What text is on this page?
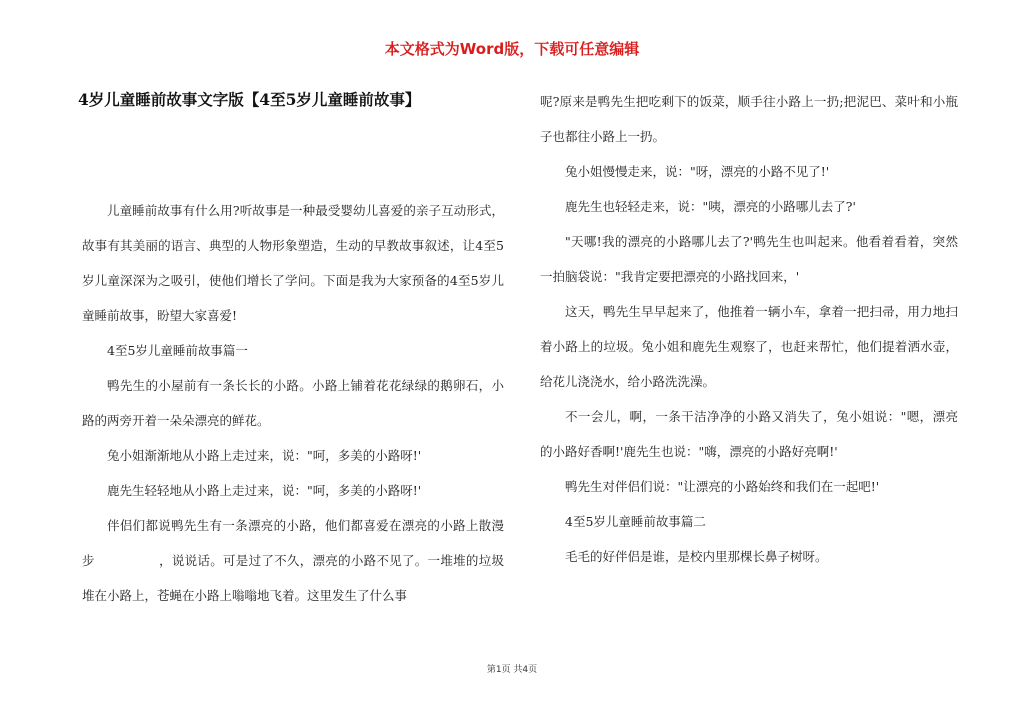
本文格式为Word版，下载可任意编辑
4岁儿童睡前故事文字版【4至5岁儿童睡前故事】

儿童睡前故事有什么用?听故事是一种最受婴幼儿喜爱的亲子互动形式，故事有其美丽的语言、典型的人物形象塑造，生动的早教故事叙述，让4至5岁儿童深深为之吸引，使他们增长了学问。下面是我为大家预备的4至5岁儿童睡前故事，盼望大家喜爱!

4至5岁儿童睡前故事篇一

鸭先生的小屋前有一条长长的小路。小路上铺着花花绿绿的鹅卵石，小路的两旁开着一朵朵漂亮的鲜花。

兔小姐渐渐地从小路上走过来，说："呵，多美的小路呀!'

鹿先生轻轻地从小路上走过来，说："呵，多美的小路呀!'

伴侣们都说鸭先生有一条漂亮的小路，他们都喜爱在漂亮的小路上散漫步	，说说话。可是过了不久，漂亮的小路不见了。一堆堆的垃圾堆在小路上，苍蝇在小路上嗡嗡地飞着。这里发生了什么事

呢?原来是鸭先生把吃剩下的饭菜，顺手往小路上一扔;把泥巴、菜叶和小瓶子也都往小路上一扔。

兔小姐慢慢走来，说："呀，漂亮的小路不见了!'

鹿先生也轻轻走来，说："咦，漂亮的小路哪儿去了?'

"天哪!我的漂亮的小路哪儿去了?'鸭先生也叫起来。他看着看着，突然一拍脑袋说："我肯定要把漂亮的小路找回来，'

这天，鸭先生早早起来了，他推着一辆小车，拿着一把扫帚，用力地扫着小路上的垃圾。兔小姐和鹿先生观察了，也赶来帮忙，他们提着洒水壶，给花儿浇浇水，给小路洗洗澡。

不一会儿，啊，一条干洁净净的小路又消失了，兔小姐说："嗯，漂亮的小路好香啊!'鹿先生也说："嗨，漂亮的小路好亮啊!'

鸭先生对伴侣们说："让漂亮的小路始终和我们在一起吧!'

4至5岁儿童睡前故事篇二

毛毛的好伴侣是谁，是校内里那棵长鼻子树呀。

第1页 共4页
